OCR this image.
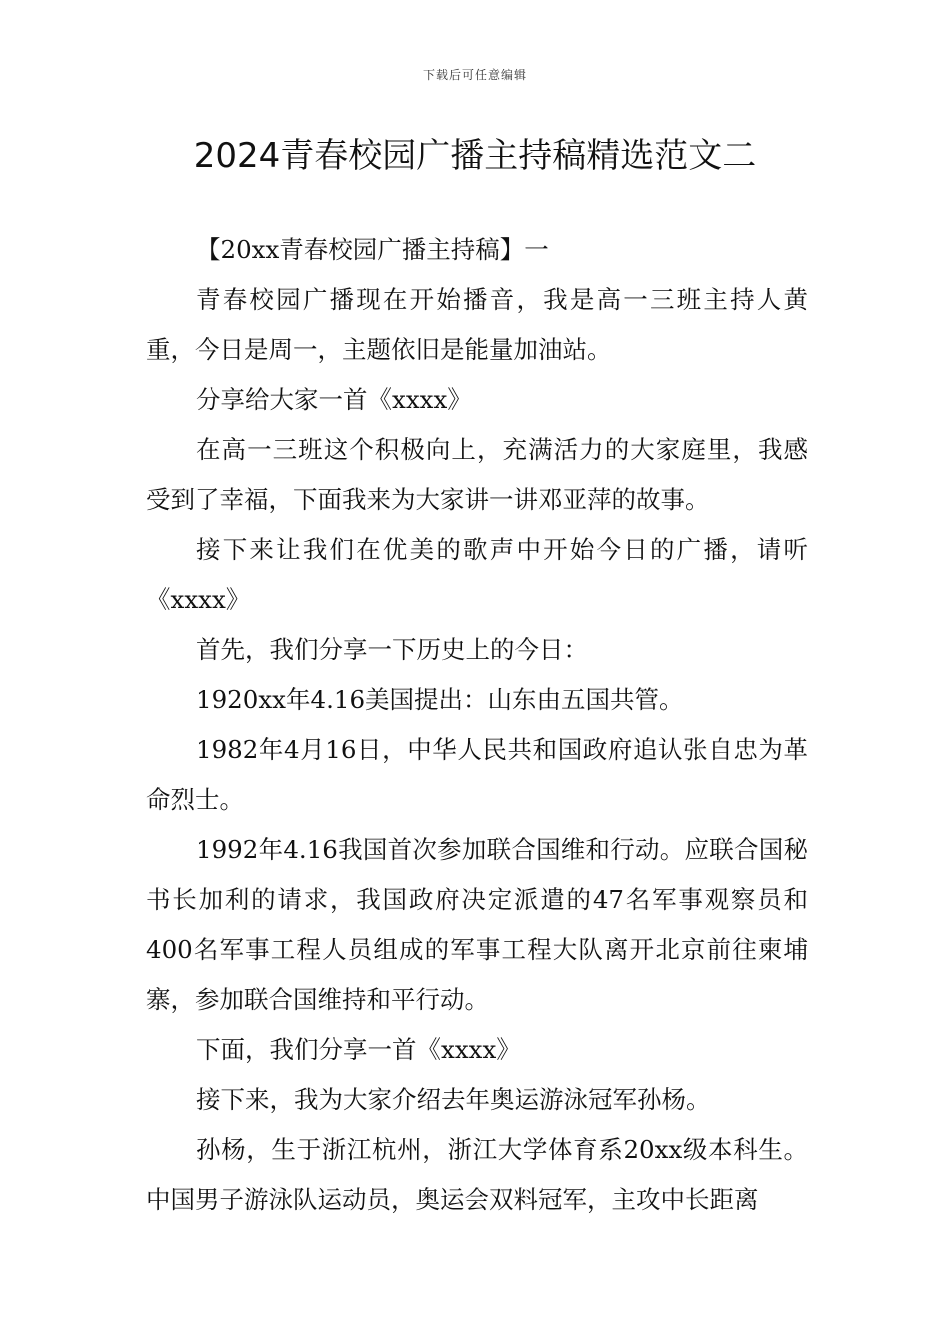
下载后可任意编辑
2024青春校园广播主持稿精选范文二

【20xx青春校园广播主持稿】一

青春校园广播现在开始播音，我是高一三班主持人黄重，今日是周一，主题依旧是能量加油站。

分享给大家一首《xxxx》

在高一三班这个积极向上，充满活力的大家庭里，我感受到了幸福，下面我来为大家讲一讲邓亚萍的故事。

接下来让我们在优美的歌声中开始今日的广播，请听《xxxx》

首先，我们分享一下历史上的今日：

1920xx年4.16美国提出：山东由五国共管。

1982年4月16日，中华人民共和国政府追认张自忠为革命烈士。

1992年4.16我国首次参加联合国维和行动。应联合国秘书长加利的请求，我国政府决定派遣的47名军事观察员和400名军事工程人员组成的军事工程大队离开北京前往柬埔寨，参加联合国维持和平行动。

下面，我们分享一首《xxxx》

接下来，我为大家介绍去年奥运游泳冠军孙杨。

孙杨，生于浙江杭州，浙江大学体育系20xx级本科生。中国男子游泳队运动员，奥运会双料冠军，主攻中长距离
